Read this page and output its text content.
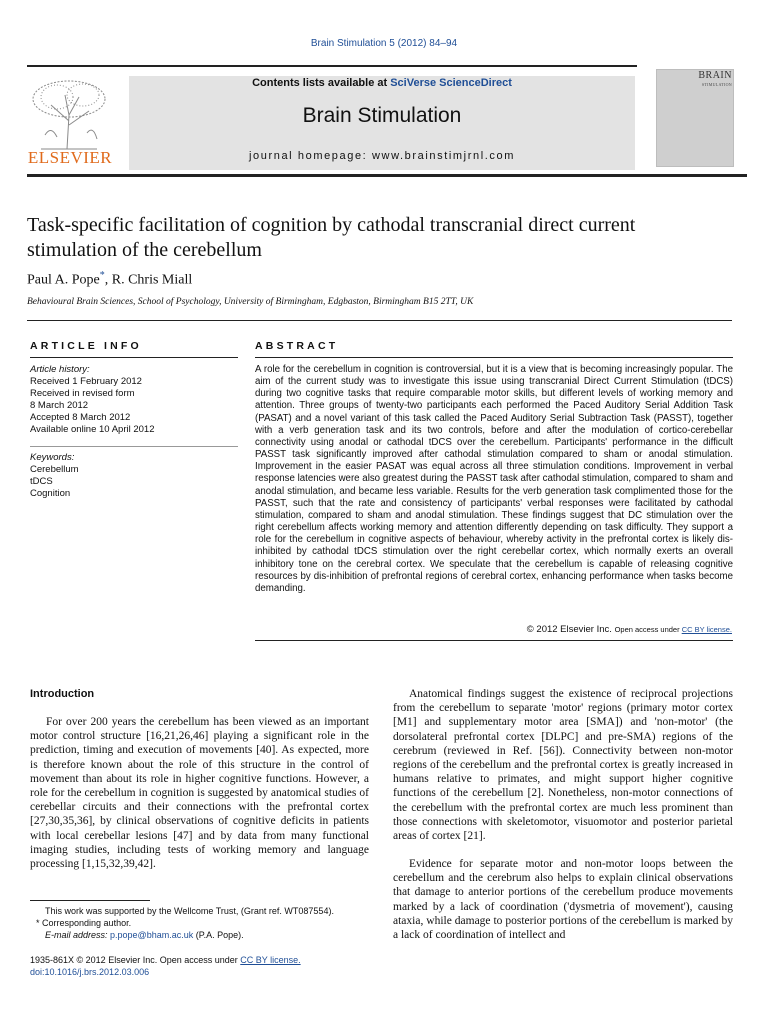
Brain Stimulation 5 (2012) 84–94
ELSEVIER
Contents lists available at SciVerse ScienceDirect
Brain Stimulation
journal homepage: www.brainstimjrnl.com
BRAIN
STIMULATION
Task-specific facilitation of cognition by cathodal transcranial direct current stimulation of the cerebellum
Paul A. Pope*, R. Chris Miall
Behavioural Brain Sciences, School of Psychology, University of Birmingham, Edgbaston, Birmingham B15 2TT, UK
ARTICLE INFO
Article history:
Received 1 February 2012
Received in revised form
8 March 2012
Accepted 8 March 2012
Available online 10 April 2012
Keywords:
Cerebellum
tDCS
Cognition
ABSTRACT
A role for the cerebellum in cognition is controversial, but it is a view that is becoming increasingly popular. The aim of the current study was to investigate this issue using transcranial Direct Current Stimulation (tDCS) during two cognitive tasks that require comparable motor skills, but different levels of working memory and attention. Three groups of twenty-two participants each performed the Paced Auditory Serial Addition Task (PASAT) and a novel variant of this task called the Paced Auditory Serial Subtraction Task (PASST), together with a verb generation task and its two controls, before and after the modulation of cortico-cerebellar connectivity using anodal or cathodal tDCS over the cerebellum. Participants' performance in the difficult PASST task significantly improved after cathodal stimulation compared to sham or anodal stimulation. Improvement in the easier PASAT was equal across all three stimulation conditions. Improvement in verbal response latencies were also greatest during the PASST task after cathodal stimulation, compared to sham and anodal stimulation, and became less variable. Results for the verb generation task complimented those for the PASST, such that the rate and consistency of participants' verbal responses were facilitated by cathodal stimulation, compared to sham and anodal stimulation. These findings suggest that DC stimulation over the right cerebellum affects working memory and attention differently depending on task difficulty. They support a role for the cerebellum in cognitive aspects of behaviour, whereby activity in the prefrontal cortex is likely dis-inhibited by cathodal tDCS stimulation over the right cerebellar cortex, which normally exerts an overall inhibitory tone on the cerebral cortex. We speculate that the cerebellum is capable of releasing cognitive resources by dis-inhibition of prefrontal regions of cerebral cortex, enhancing performance when tasks become demanding.
© 2012 Elsevier Inc. Open access under CC BY license.
Introduction
For over 200 years the cerebellum has been viewed as an important motor control structure [16,21,26,46] playing a significant role in the prediction, timing and execution of movements [40]. As expected, more is therefore known about the role of this structure in the control of movement than about its role in higher cognitive functions. However, a role for the cerebellum in cognition is suggested by anatomical studies of cerebellar circuits and their connections with the prefrontal cortex [27,30,35,36], by clinical observations of cognitive deficits in patients with local cerebellar lesions [47] and by data from many functional imaging studies, including tests of working memory and language processing [1,15,32,39,42].
Anatomical findings suggest the existence of reciprocal projections from the cerebellum to separate 'motor' regions (primary motor cortex [M1] and supplementary motor area [SMA]) and 'non-motor' (the dorsolateral prefrontal cortex [DLPC] and pre-SMA) regions of the cerebrum (reviewed in Ref. [56]). Connectivity between non-motor regions of the cerebellum and the prefrontal cortex is greatly increased in humans relative to primates, and might support higher cognitive functions of the cerebellum [2]. Nonetheless, non-motor connections of the cerebellum with the prefrontal cortex are much less prominent than those connections with skeletomotor, visuomotor and posterior parietal areas of cortex [21].
Evidence for separate motor and non-motor loops between the cerebellum and the cerebrum also helps to explain clinical observations that damage to anterior portions of the cerebellum produce movements marked by a lack of coordination ('dysmetria of movement'), causing ataxia, while damage to posterior portions of the cerebellum is marked by a lack of coordination of intellect and
This work was supported by the Wellcome Trust, (Grant ref. WT087554).
* Corresponding author.
E-mail address: p.pope@bham.ac.uk (P.A. Pope).
1935-861X © 2012 Elsevier Inc. Open access under CC BY license.
doi:10.1016/j.brs.2012.03.006
